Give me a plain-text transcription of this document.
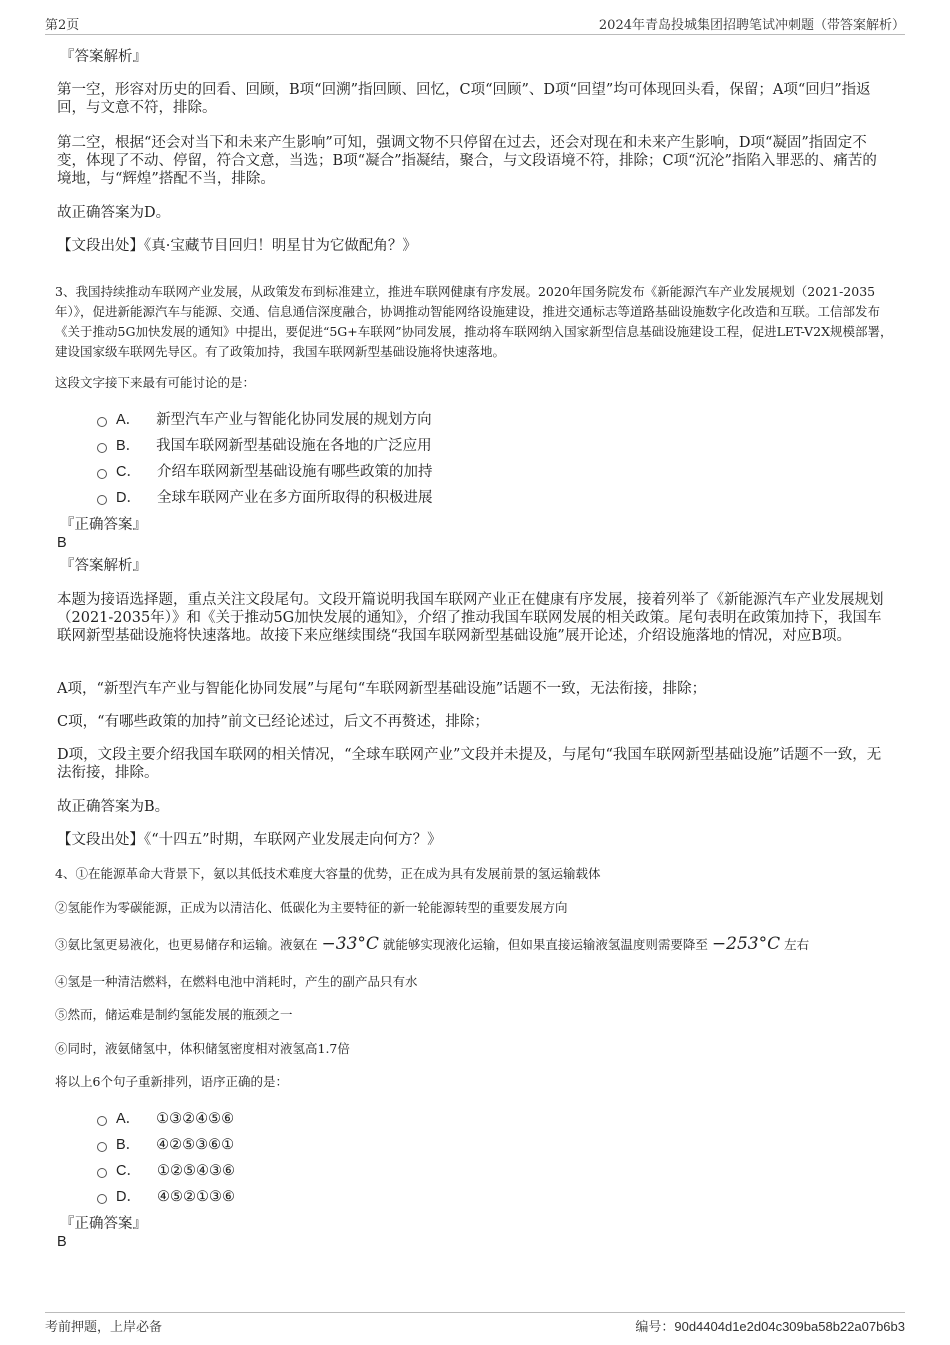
第2页	2024年青岛投城集团招聘笔试冲刺题（带答案解析）
『答案解析』

第一空，形容对历史的回看、回顾，B项“回溯”指回顾、回忆，C项“回顾”、D项“回望”均可体现回头看，保留；A项“回归”指返回，与文意不符，排除。

第二空，根据“还会对当下和未来产生影响”可知，强调文物不只停留在过去，还会对现在和未来产生影响，D项“凝固”指固定不变，体现了不动、停留，符合文意，当选；B项“凝合”指凝结，聚合，与文段语境不符，排除；C项“沉沦”指陷入罪恶的、痛苦的境地，与“辉煌”搭配不当，排除。

故正确答案为D。

【文段出处】《真·宝藏节目回归！明星甘为它做配角？》

3、我国持续推动车联网产业发展，从政策发布到标准建立，推进车联网健康有序发展。2020年国务院发布《新能源汽车产业发展规划（2021-2035年）》，促进新能源汽车与能源、交通、信息通信深度融合，协调推动智能网络设施建设，推进交通标志等道路基础设施数字化改造和互联。工信部发布《关于推动5G加快发展的通知》中提出，要促进“5G+车联网”协同发展，推动将车联网纳入国家新型信息基础设施建设工程，促进LET-V2X规模部署，建设国家级车联网先导区。有了政策加持，我国车联网新型基础设施将快速落地。

这段文字接下来最有可能讨论的是：

A． 新型汽车产业与智能化协同发展的规划方向
B． 我国车联网新型基础设施在各地的广泛应用
C． 介绍车联网新型基础设施有哪些政策的加持
D． 全球车联网产业在多方面所取得的积极进展
『正确答案』
B
『答案解析』

本题为接语选择题，重点关注文段尾句。文段开篇说明我国车联网产业正在健康有序发展，接着列举了《新能源汽车产业发展规划（2021-2035年）》和《关于推动5G加快发展的通知》，介绍了推动我国车联网发展的相关政策。尾句表明在政策加持下，我国车联网新型基础设施将快速落地。故接下来应继续围绕“我国车联网新型基础设施”展开论述，介绍设施落地的情况，对应B项。

A项，“新型汽车产业与智能化协同发展”与尾句“车联网新型基础设施”话题不一致，无法衔接，排除；

C项，“有哪些政策的加持”前文已经论述过，后文不再赘述，排除；

D项，文段主要介绍我国车联网的相关情况，“全球车联网产业”文段并未提及，与尾句“我国车联网新型基础设施”话题不一致，无法衔接，排除。

故正确答案为B。

【文段出处】《“十四五”时期，车联网产业发展走向何方？》

4、①在能源革命大背景下，氨以其低技术难度大容量的优势，正在成为具有发展前景的氢运输载体

②氢能作为零碳能源，正成为以清洁化、低碳化为主要特征的新一轮能源转型的重要发展方向

③氨比氢更易液化，也更易储存和运输。液氨在 −33°C 就能够实现液化运输，但如果直接运输液氢温度则需要降至 −253°C 左右

④氢是一种清洁燃料，在燃料电池中消耗时，产生的副产品只有水

⑤然而，储运难是制约氢能发展的瓶颈之一

⑥同时，液氨储氢中，体积储氢密度相对液氢高1.7倍

将以上6个句子重新排列，语序正确的是：

A． ①③②④⑤⑥
B． ④②⑤③⑥①
C． ①②⑤④③⑥
D． ④⑤②①③⑥
『正确答案』
B
考前押题，上岸必备	编号：90d4404d1e2d04c309ba58b22a07b6b3
